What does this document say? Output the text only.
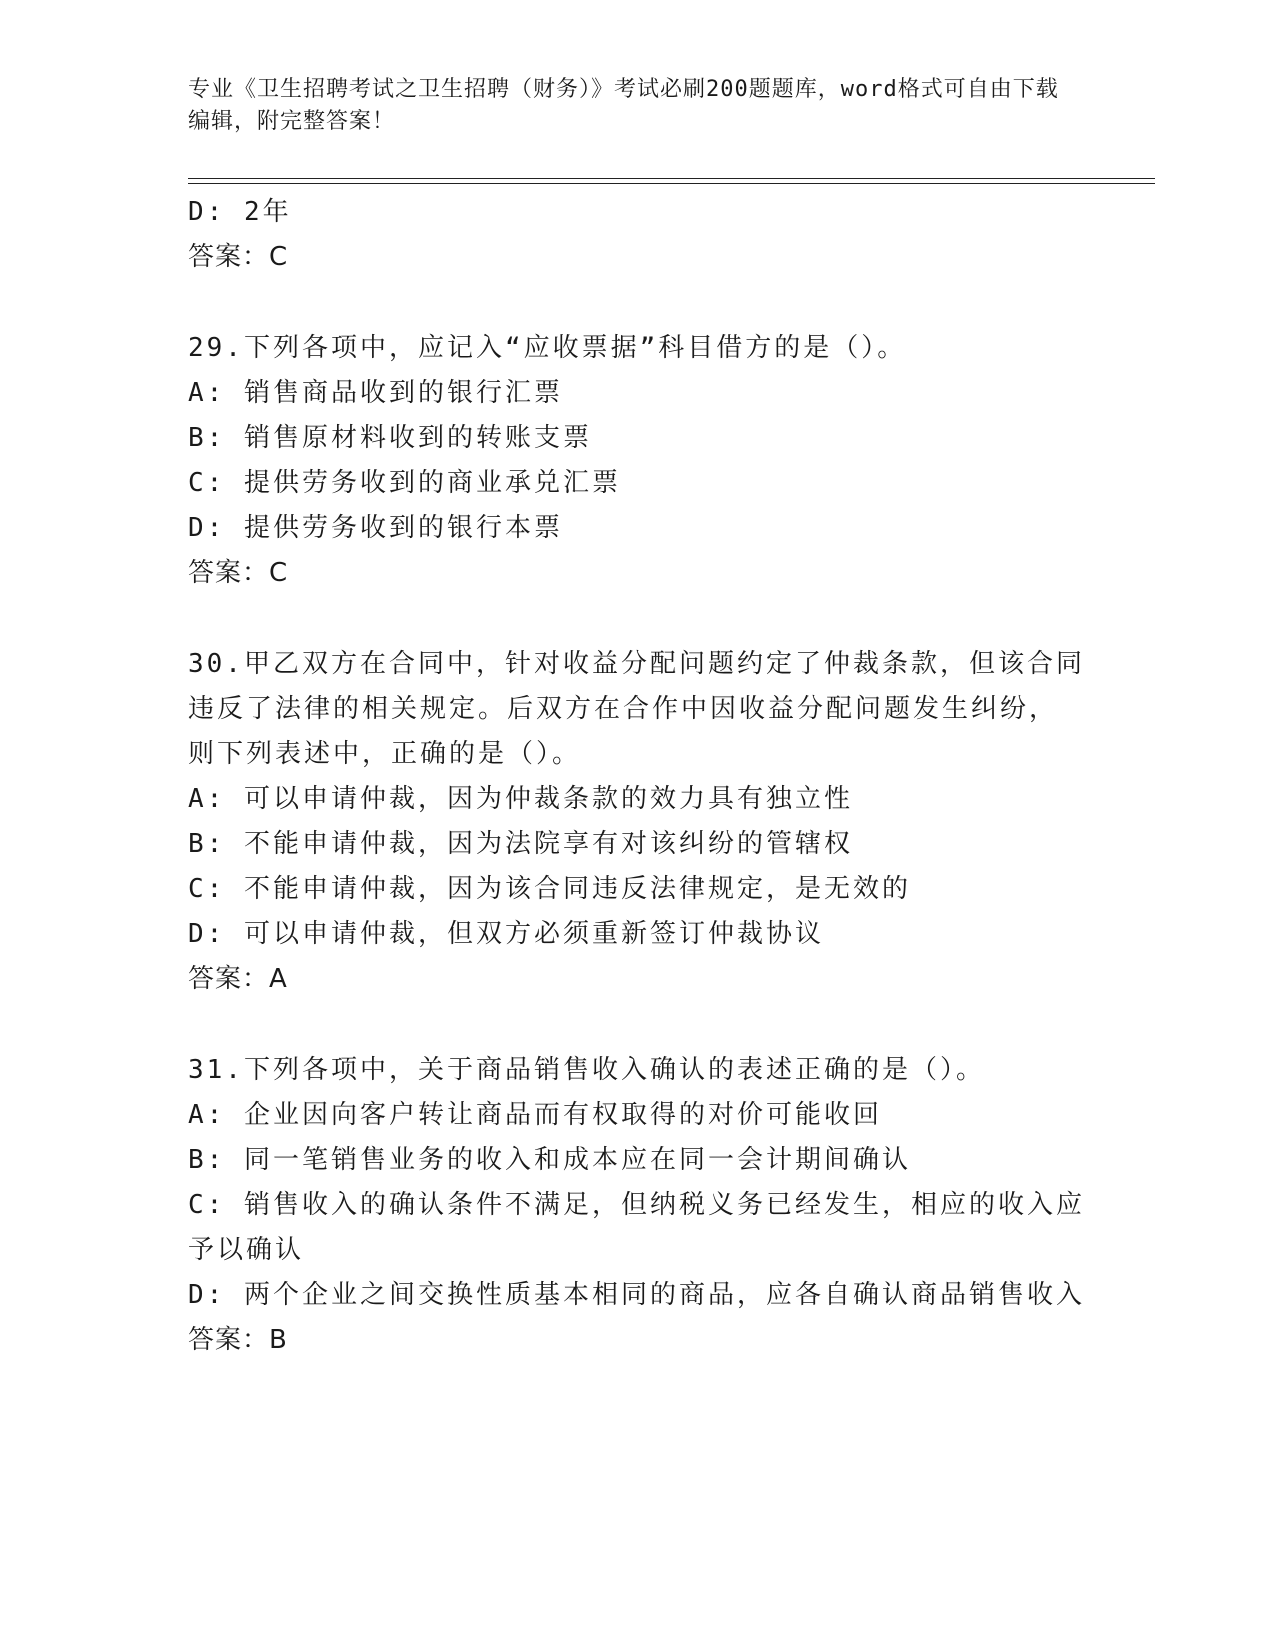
专业《卫生招聘考试之卫生招聘（财务）》考试必刷200题题库，word格式可自由下载编辑，附完整答案！
D: 2年
答案：C
29.下列各项中，应记入“应收票据”科目借方的是（）。
A: 销售商品收到的银行汇票
B: 销售原材料收到的转账支票
C: 提供劳务收到的商业承兑汇票
D: 提供劳务收到的银行本票
答案：C
30.甲乙双方在合同中，针对收益分配问题约定了仲裁条款，但该合同
违反了法律的相关规定。后双方在合作中因收益分配问题发生纠纷，
则下列表述中，正确的是（）。
A: 可以申请仲裁，因为仲裁条款的效力具有独立性
B: 不能申请仲裁，因为法院享有对该纠纷的管辖权
C: 不能申请仲裁，因为该合同违反法律规定，是无效的
D: 可以申请仲裁，但双方必须重新签订仲裁协议
答案：A
31.下列各项中，关于商品销售收入确认的表述正确的是（）。
A: 企业因向客户转让商品而有权取得的对价可能收回
B: 同一笔销售业务的收入和成本应在同一会计期间确认
C: 销售收入的确认条件不满足，但纳税义务已经发生，相应的收入应
予以确认
D: 两个企业之间交换性质基本相同的商品，应各自确认商品销售收入
答案：B
